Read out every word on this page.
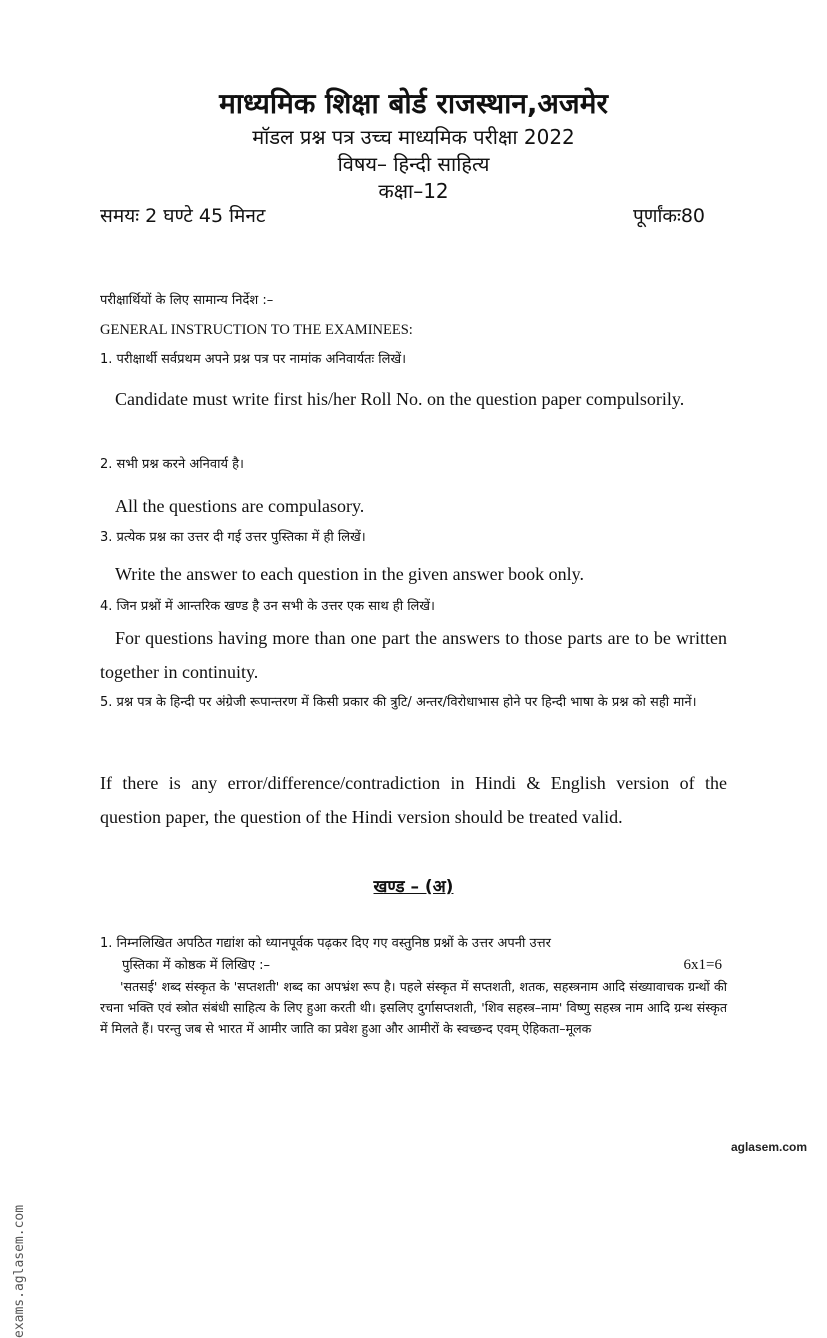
माध्यमिक शिक्षा बोर्ड राजस्थान,अजमेर
मॉडल प्रश्न पत्र उच्च माध्यमिक परीक्षा 2022
विषय– हिन्दी साहित्य
कक्षा–12
समयः 2 घण्टे 45 मिनट	पूर्णांकः80
परीक्षार्थियों के लिए सामान्य निर्देश :–
GENERAL INSTRUCTION TO THE EXAMINEES:
1. परीक्षार्थी सर्वप्रथम अपने प्रश्न पत्र पर नामांक अनिवार्यतः लिखें।
Candidate must write first his/her Roll No. on the question paper compulsorily.
2. सभी प्रश्न करने अनिवार्य है।
All the questions are compulasory.
3. प्रत्येक प्रश्न का उत्तर दी गई उत्तर पुस्तिका में ही लिखें।
Write the answer to each question in the given answer book only.
4. जिन प्रश्नों में आन्तरिक खण्ड है उन सभी के उत्तर एक साथ ही लिखें।
For questions having more than one part the answers to those parts are to be written together in continuity.
5. प्रश्न पत्र के हिन्दी पर अंग्रेजी रूपान्तरण में किसी प्रकार की त्रुटि/ अन्तर/विरोधाभास होने पर हिन्दी भाषा के प्रश्न को सही मानें।
If there is any error/difference/contradiction in Hindi & English version of the question paper, the question of the Hindi version should be treated valid.
खण्ड – (अ)
1. निम्नलिखित अपठित गद्यांश को ध्यानपूर्वक पढ़कर दिए गए वस्तुनिष्ठ प्रश्नों के उत्तर अपनी उत्तर
पुस्तिका में कोष्ठक में लिखिए :–	6x1=6
'सतसई' शब्द संस्कृत के 'सप्तशती' शब्द का अपभ्रंश रूप है। पहले संस्कृत में सप्तशती, शतक, सहस्त्रनाम आदि संख्यावाचक ग्रन्थों की रचना भक्ति एवं स्त्रोत संबंधी साहित्य के लिए हुआ करती थी। इसलिए दुर्गासप्तशती, 'शिव सहस्त्र–नाम' विष्णु सहस्त्र नाम आदि ग्रन्थ संस्कृत में मिलते हैं। परन्तु जब से भारत में आमीर जाति का प्रवेश हुआ और आमीरों के स्वच्छन्द एवम् ऐहिकता–मूलक
exams.aglasem.com
aglasem.com
